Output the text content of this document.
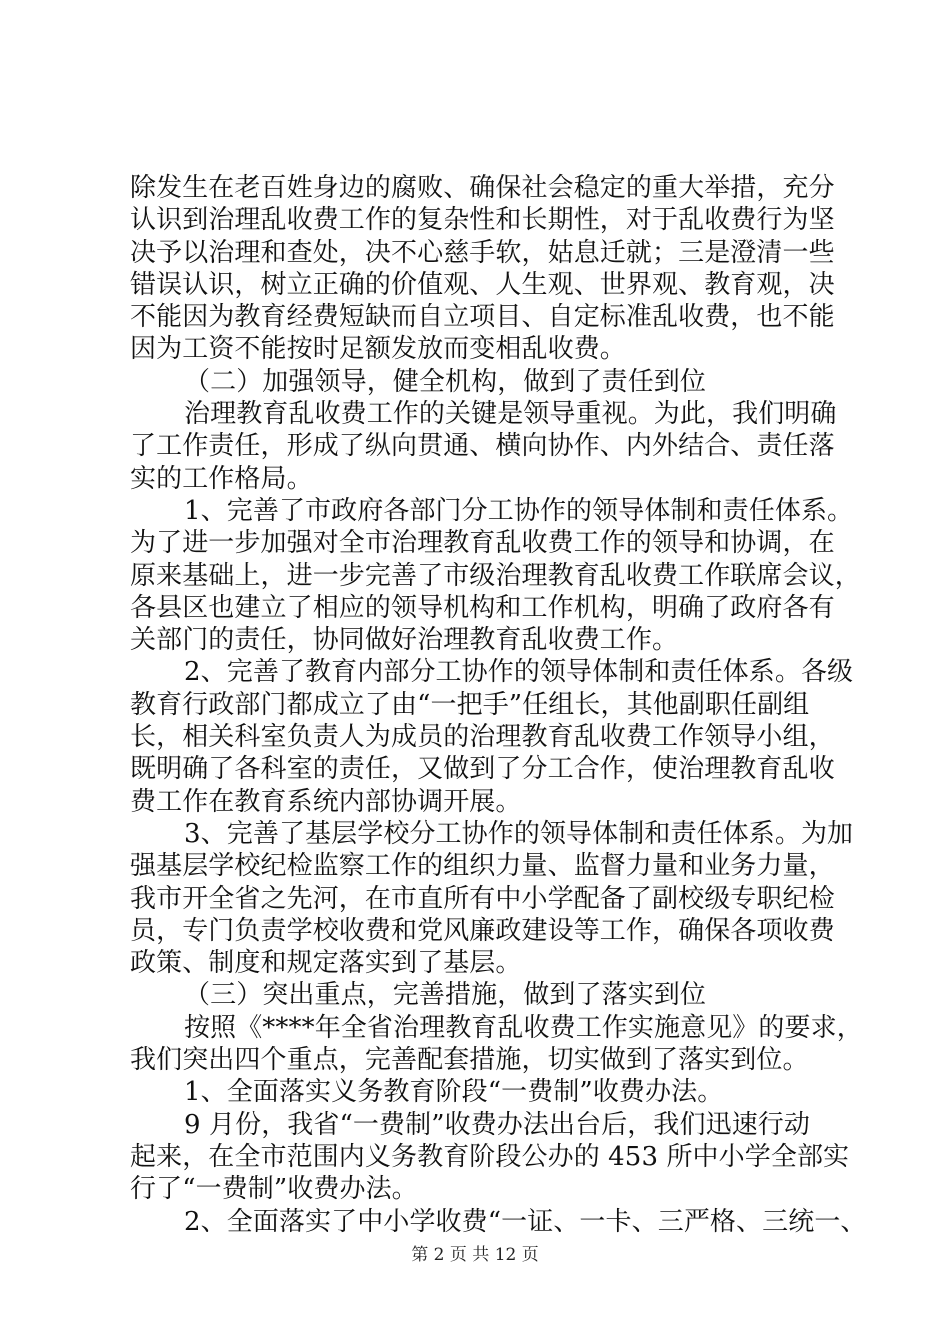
除发生在老百姓身边的腐败、确保社会稳定的重大举措，充分
认识到治理乱收费工作的复杂性和长期性，对于乱收费行为坚
决予以治理和查处，决不心慈手软，姑息迁就；三是澄清一些
错误认识，树立正确的价值观、人生观、世界观、教育观，决
不能因为教育经费短缺而自立项目、自定标准乱收费，也不能
因为工资不能按时足额发放而变相乱收费。
（二）加强领导，健全机构，做到了责任到位
治理教育乱收费工作的关键是领导重视。为此，我们明确
了工作责任，形成了纵向贯通、横向协作、内外结合、责任落
实的工作格局。
1、完善了市政府各部门分工协作的领导体制和责任体系。
为了进一步加强对全市治理教育乱收费工作的领导和协调，在
原来基础上，进一步完善了市级治理教育乱收费工作联席会议，
各县区也建立了相应的领导机构和工作机构，明确了政府各有
关部门的责任，协同做好治理教育乱收费工作。
2、完善了教育内部分工协作的领导体制和责任体系。各级
教育行政部门都成立了由“一把手”任组长，其他副职任副组
长，相关科室负责人为成员的治理教育乱收费工作领导小组，
既明确了各科室的责任，又做到了分工合作，使治理教育乱收
费工作在教育系统内部协调开展。
3、完善了基层学校分工协作的领导体制和责任体系。为加
强基层学校纪检监察工作的组织力量、监督力量和业务力量，
我市开全省之先河，在市直所有中小学配备了副校级专职纪检
员，专门负责学校收费和党风廉政建设等工作，确保各项收费
政策、制度和规定落实到了基层。
（三）突出重点，完善措施，做到了落实到位
按照《****年全省治理教育乱收费工作实施意见》的要求，
我们突出四个重点，完善配套措施，切实做到了落实到位。
1、全面落实义务教育阶段“一费制”收费办法。
9 月份，我省“一费制”收费办法出台后，我们迅速行动
起来，在全市范围内义务教育阶段公办的 453 所中小学全部实
行了“一费制”收费办法。
2、全面落实了中小学收费“一证、一卡、三严格、三统一、
第 2 页 共 12 页
